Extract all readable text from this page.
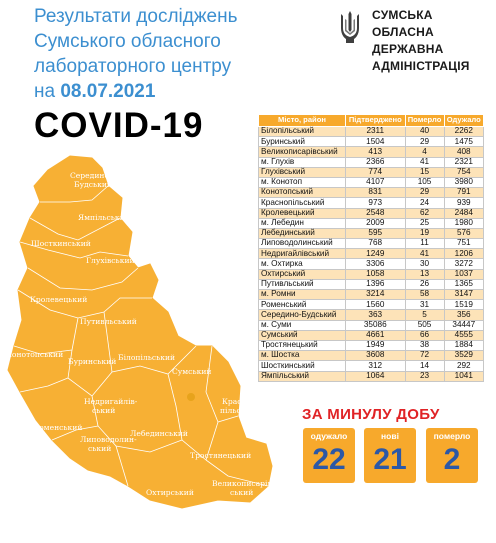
Результати досліджень
Сумського обласного
лабораторного центру
на 08.07.2021
COVID-19
СУМСЬКА
ОБЛАСНА
ДЕРЖАВНА
АДМІНІСТРАЦІЯ
Середино-
Будський
Ямпільський
Шосткинський
Глухівський
Кролевецький
Путивльський
Конотопський
Буринський Білопільський
Сумський
Недригайлів-
ський
Роменський
Краспо-
пільський
Липоводолин-
ський
Лебединський
Тростянецький
Великописарів-
ський
Охтирський
Місто, район	Підтверджено	Померло	Одужало
Білопільський	2311	40	2262
Буринський	1504	29	1475
Великописарівський	413	4	408
м. Глухів	2366	41	2321
Глухівський	774	15	754
м. Конотоп	4107	105	3980
Конотопський	831	29	791
Краснопільський	973	24	939
Кролевецький	2548	62	2484
м. Лебедин	2009	25	1980
Лебединський	595	19	576
Липоводолинський	768	11	751
Недригайлівський	1249	41	1206
м. Охтирка	3306	30	3272
Охтирський	1058	13	1037
Путивльський	1396	26	1365
м. Ромни	3214	58	3147
Роменський	1560	31	1519
Середино-Будський	363	5	356
м. Суми	35086	505	34447
Сумський	4661	66	4555
Тростянецький	1949	38	1884
м. Шостка	3608	72	3529
Шосткинський	312	14	292
Ямпільський	1064	23	1041
ЗА МИНУЛУ ДОБУ
одужало
22
нові
21
померло
2
